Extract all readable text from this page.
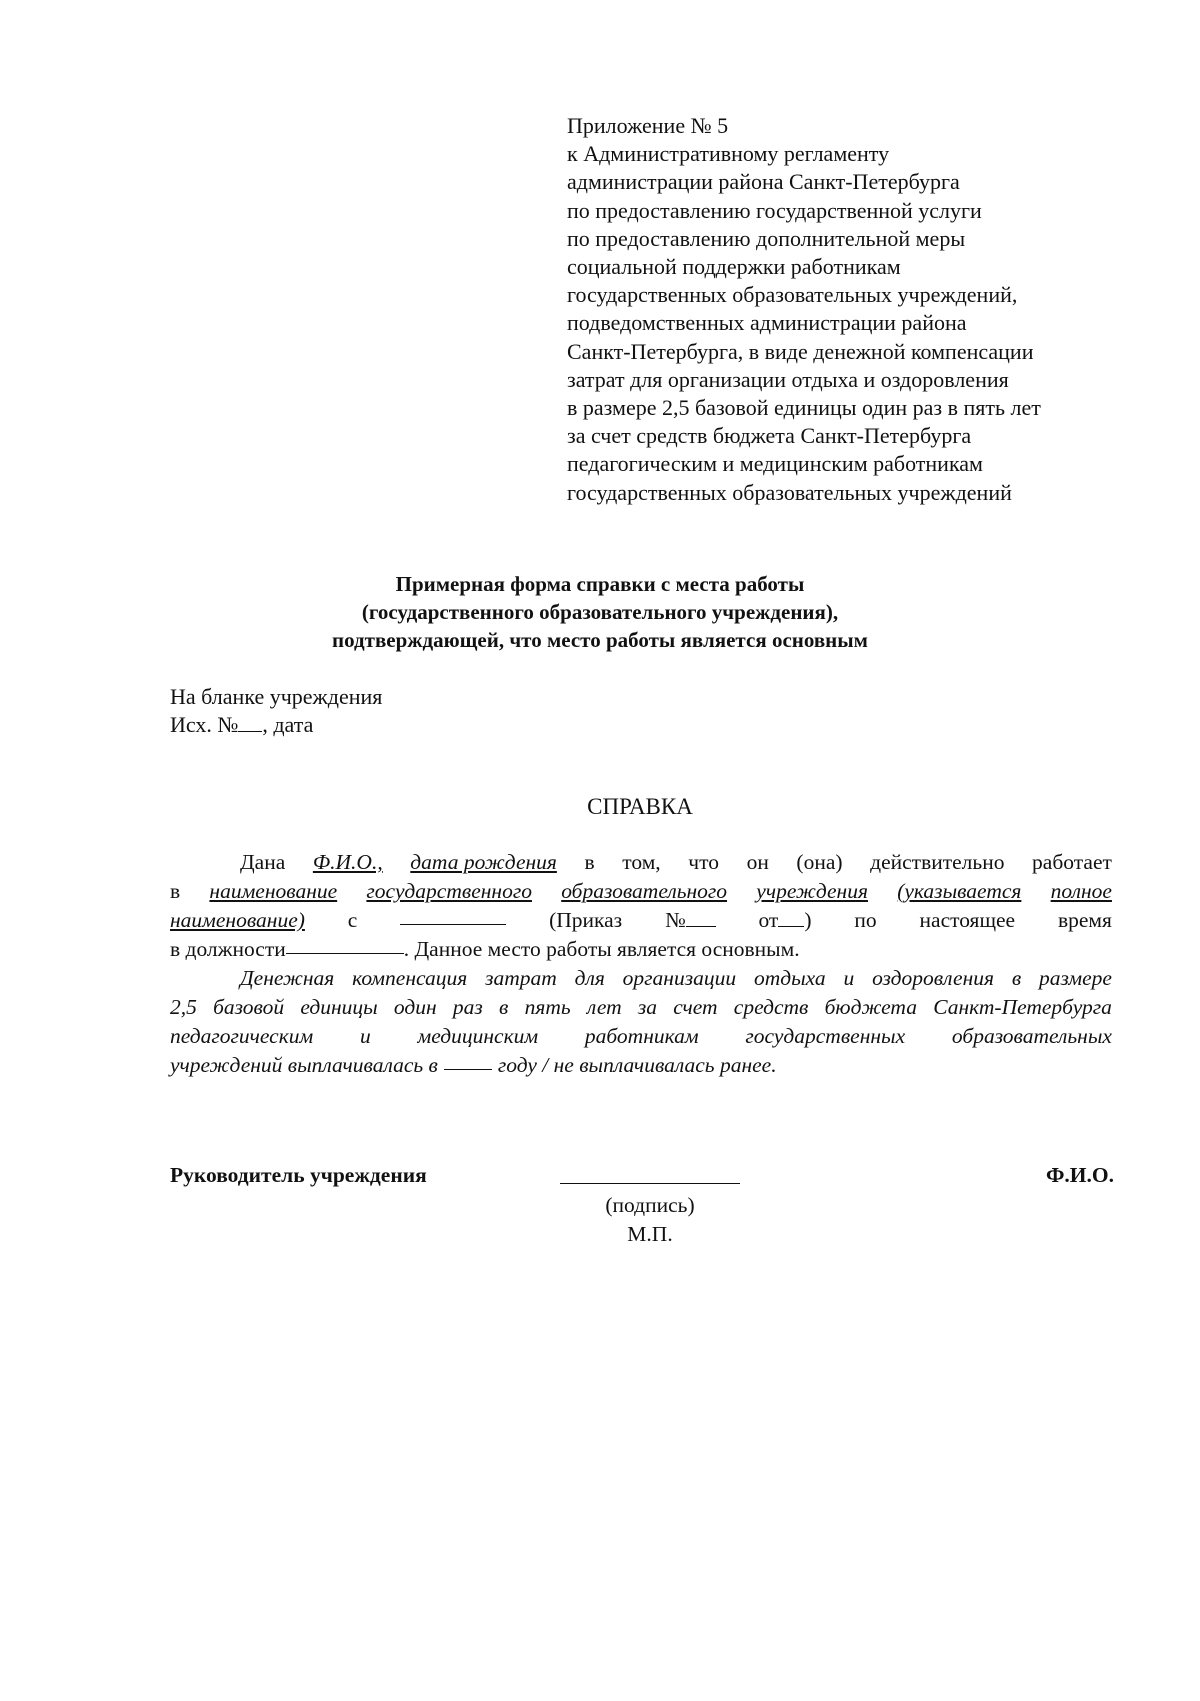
Приложение № 5
к Административному регламенту
администрации района Санкт-Петербурга
по предоставлению государственной услуги
по предоставлению дополнительной меры
социальной поддержки работникам
государственных образовательных учреждений,
подведомственных администрации района
Санкт-Петербурга, в виде денежной компенсации
затрат для организации отдыха и оздоровления
в размере 2,5 базовой единицы один раз в пять лет
за счет средств бюджета Санкт-Петербурга
педагогическим и медицинским работникам
государственных образовательных учреждений
Примерная форма справки с места работы
(государственного образовательного учреждения),
подтверждающей, что место работы является основным
На бланке учреждения
Исх. № , дата
СПРАВКА
Дана Ф.И.О., дата рождения в том, что он (она) действительно работает
в наименование государственного образовательного учреждения (указывается полное
наименование) с	(Приказ №	от ) по настоящее время
в должности	. Данное место работы является основным.
Денежная компенсация затрат для организации отдыха и оздоровления в размере
2,5 базовой единицы один раз в пять лет за счет средств бюджета Санкт-Петербурга
педагогическим и медицинским работникам государственных образовательных
учреждений выплачивалась в	году / не выплачивалась ранее.
Руководитель учреждения
(подпись)
М.П.
Ф.И.О.
